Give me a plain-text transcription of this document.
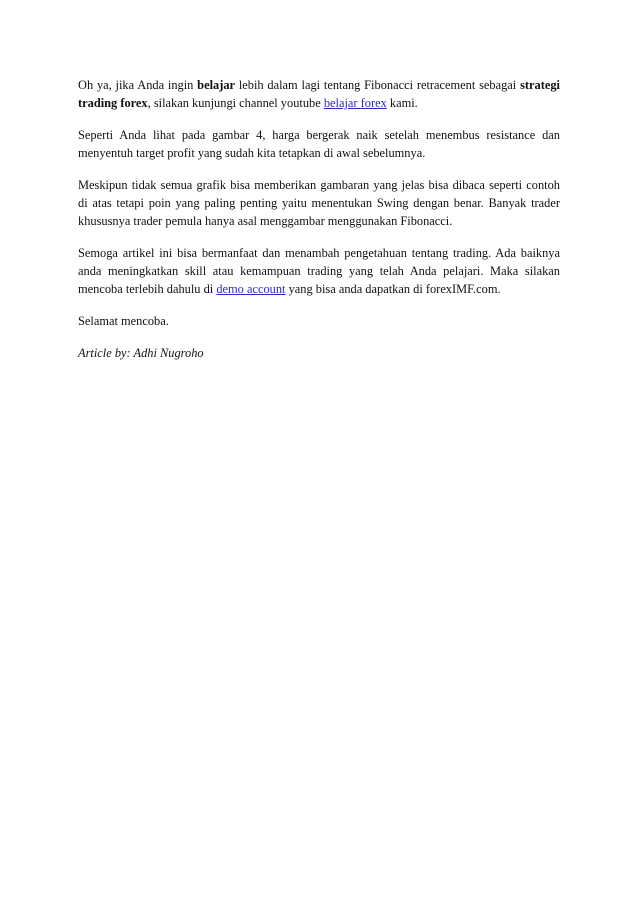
Oh ya, jika Anda ingin belajar lebih dalam lagi tentang Fibonacci retracement sebagai strategi trading forex, silakan kunjungi channel youtube belajar forex kami.

Seperti Anda lihat pada gambar 4, harga bergerak naik setelah menembus resistance dan menyentuh target profit yang sudah kita tetapkan di awal sebelumnya.

Meskipun tidak semua grafik bisa memberikan gambaran yang jelas bisa dibaca seperti contoh di atas tetapi poin yang paling penting yaitu menentukan Swing dengan benar. Banyak trader khususnya trader pemula hanya asal menggambar menggunakan Fibonacci.

Semoga artikel ini bisa bermanfaat dan menambah pengetahuan tentang trading. Ada baiknya anda meningkatkan skill atau kemampuan trading yang telah Anda pelajari. Maka silakan mencoba terlebih dahulu di demo account yang bisa anda dapatkan di forexIMF.com.

Selamat mencoba.

Article by: Adhi Nugroho
